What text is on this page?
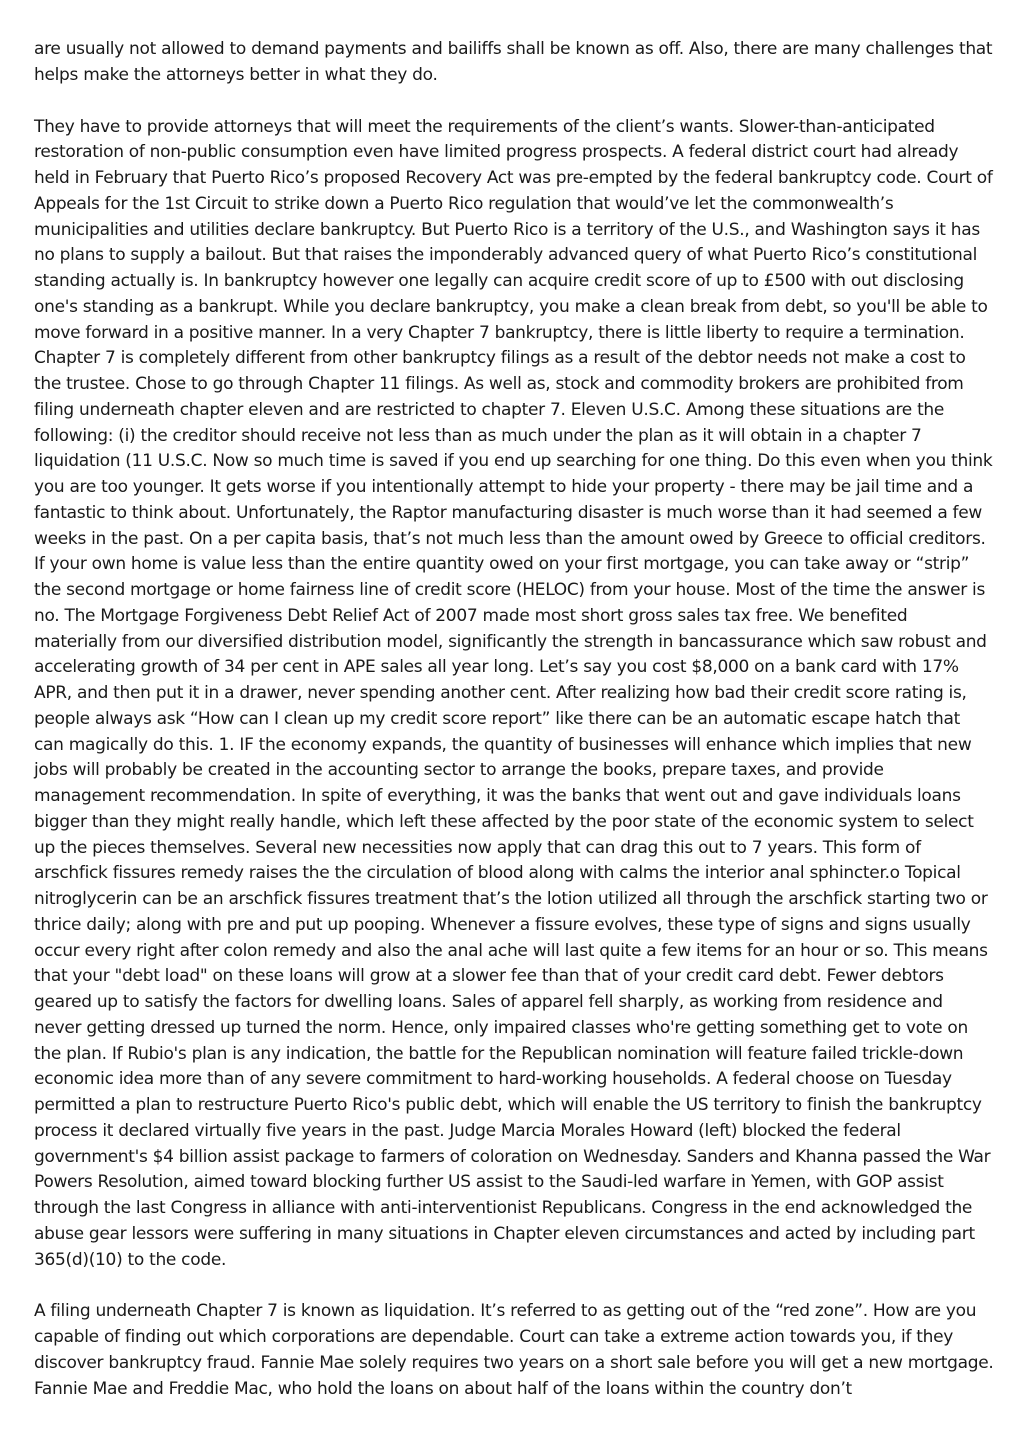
are usually not allowed to demand payments and bailiffs shall be known as off. Also, there are many challenges that helps make the attorneys better in what they do.

They have to provide attorneys that will meet the requirements of the client’s wants. Slower-than-anticipated restoration of non-public consumption even have limited progress prospects. A federal district court had already held in February that Puerto Rico’s proposed Recovery Act was pre-empted by the federal bankruptcy code. Court of Appeals for the 1st Circuit to strike down a Puerto Rico regulation that would’ve let the commonwealth’s municipalities and utilities declare bankruptcy. But Puerto Rico is a territory of the U.S., and Washington says it has no plans to supply a bailout. But that raises the imponderably advanced query of what Puerto Rico’s constitutional standing actually is. In bankruptcy however one legally can acquire credit score of up to £500 with out disclosing one's standing as a bankrupt. While you declare bankruptcy, you make a clean break from debt, so you'll be able to move forward in a positive manner. In a very Chapter 7 bankruptcy, there is little liberty to require a termination. Chapter 7 is completely different from other bankruptcy filings as a result of the debtor needs not make a cost to the trustee. Chose to go through Chapter 11 filings. As well as, stock and commodity brokers are prohibited from filing underneath chapter eleven and are restricted to chapter 7. Eleven U.S.C. Among these situations are the following: (i) the creditor should receive not less than as much under the plan as it will obtain in a chapter 7 liquidation (11 U.S.C. Now so much time is saved if you end up searching for one thing. Do this even when you think you are too younger. It gets worse if you intentionally attempt to hide your property - there may be jail time and a fantastic to think about. Unfortunately, the Raptor manufacturing disaster is much worse than it had seemed a few weeks in the past. On a per capita basis, that’s not much less than the amount owed by Greece to official creditors. If your own home is value less than the entire quantity owed on your first mortgage, you can take away or “strip” the second mortgage or home fairness line of credit score (HELOC) from your house. Most of the time the answer is no. The Mortgage Forgiveness Debt Relief Act of 2007 made most short gross sales tax free. We benefited materially from our diversified distribution model, significantly the strength in bancassurance which saw robust and accelerating growth of 34 per cent in APE sales all year long. Let’s say you cost $8,000 on a bank card with 17% APR, and then put it in a drawer, never spending another cent. After realizing how bad their credit score rating is, people always ask “How can I clean up my credit score report” like there can be an automatic escape hatch that can magically do this. 1. IF the economy expands, the quantity of businesses will enhance which implies that new jobs will probably be created in the accounting sector to arrange the books, prepare taxes, and provide management recommendation. In spite of everything, it was the banks that went out and gave individuals loans bigger than they might really handle, which left these affected by the poor state of the economic system to select up the pieces themselves. Several new necessities now apply that can drag this out to 7 years. This form of arschfick fissures remedy raises the the circulation of blood along with calms the interior anal sphincter.o Topical nitroglycerin can be an arschfick fissures treatment that’s the lotion utilized all through the arschfick starting two or thrice daily; along with pre and put up pooping. Whenever a fissure evolves, these type of signs and signs usually occur every right after colon remedy and also the anal ache will last quite a few items for an hour or so. This means that your "debt load" on these loans will grow at a slower fee than that of your credit card debt. Fewer debtors geared up to satisfy the factors for dwelling loans. Sales of apparel fell sharply, as working from residence and never getting dressed up turned the norm. Hence, only impaired classes who're getting something get to vote on the plan. If Rubio's plan is any indication, the battle for the Republican nomination will feature failed trickle-down economic idea more than of any severe commitment to hard-working households. A federal choose on Tuesday permitted a plan to restructure Puerto Rico's public debt, which will enable the US territory to finish the bankruptcy process it declared virtually five years in the past. Judge Marcia Morales Howard (left) blocked the federal government's $4 billion assist package to farmers of coloration on Wednesday. Sanders and Khanna passed the War Powers Resolution, aimed toward blocking further US assist to the Saudi-led warfare in Yemen, with GOP assist through the last Congress in alliance with anti-interventionist Republicans. Congress in the end acknowledged the abuse gear lessors were suffering in many situations in Chapter eleven circumstances and acted by including part 365(d)(10) to the code.

A filing underneath Chapter 7 is known as liquidation. It’s referred to as getting out of the “red zone”. How are you capable of finding out which corporations are dependable. Court can take a extreme action towards you, if they discover bankruptcy fraud. Fannie Mae solely requires two years on a short sale before you will get a new mortgage. Fannie Mae and Freddie Mac, who hold the loans on about half of the loans within the country don’t
